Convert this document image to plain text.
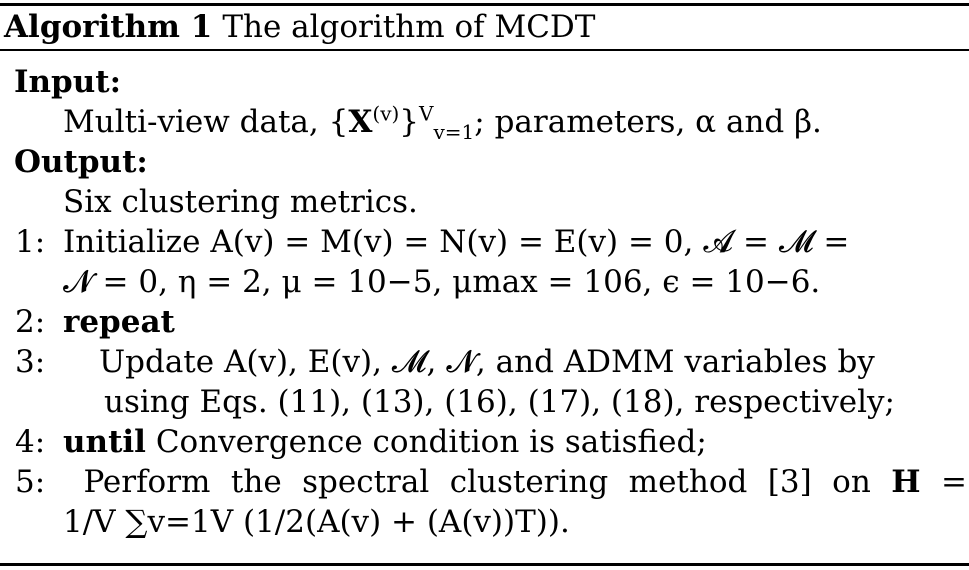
Algorithm 1 The algorithm of MCDT
Input:
Multi-view data, $\{X^{(v)}\}^V_{v=1}$; parameters, α and β.
Output:
Six clustering metrics.
1: Initialize A(v) = M(v) = N(v) = E(v) = 0, 𝓐 = 𝓜 =
𝓝 = 0, η = 2, μ = 10−5, μmax = 106, ϵ = 10−6.
2: repeat
3: Update A(v), E(v), 𝓜, 𝓝, and ADMM variables by
using Eqs. (11), (13), (16), (17), (18), respectively;
4: until Convergence condition is satisfied;
5:	Perform the spectral clustering method [3] on H =
1/V ∑v=1V (1/2(A(v) + (A(v))T)).
